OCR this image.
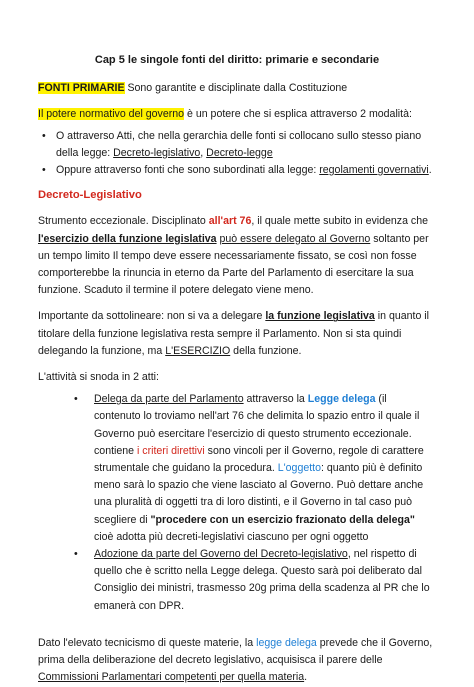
Cap 5 le singole fonti del diritto: primarie e secondarie

FONTI PRIMARIE Sono garantite e disciplinate dalla Costituzione

Il potere normativo del governo è un potere che si esplica attraverso 2 modalità:

• O attraverso Atti, che nella gerarchia delle fonti si collocano sullo stesso piano della legge: Decreto-legislativo, Decreto-legge
• Oppure attraverso fonti che sono subordinati alla legge: regolamenti governativi.

Decreto-Legislativo

Strumento eccezionale. Disciplinato all'art 76, il quale mette subito in evidenza che l'esercizio della funzione legislativa può essere delegato al Governo soltanto per un tempo limito Il tempo deve essere necessariamente fissato, se così non fosse comporterebbe la rinuncia in eterno da Parte del Parlamento di esercitare la sua funzione. Scaduto il termine il potere delegato viene meno.

Importante da sottolineare: non si va a delegare la funzione legislativa in quanto il titolare della funzione legislativa resta sempre il Parlamento. Non si sta quindi delegando la funzione, ma L'ESERCIZIO della funzione.

L'attività si snoda in 2 atti:

• Delega da parte del Parlamento attraverso la Legge delega (il contenuto lo troviamo nell'art 76 che delimita lo spazio entro il quale il Governo può esercitare l'esercizio di questo strumento eccezionale. contiene i criteri direttivi sono vincoli per il Governo, regole di carattere strumentale che guidano la procedura. L'oggetto: quanto più è definito meno sarà lo spazio che viene lasciato al Governo. Può dettare anche una pluralità di oggetti tra di loro distinti, e il Governo in tal caso può scegliere di "procedere con un esercizio frazionato della delega" cioè adotta più decreti-legislativi ciascuno per ogni oggetto
• Adozione da parte del Governo del Decreto-legislativo, nel rispetto di quello che è scritto nella Legge delega. Questo sarà poi deliberato dal Consiglio dei ministri, trasmesso 20g prima della scadenza al PR che lo emanerà con DPR.

Dato l'elevato tecnicismo di queste materie, la legge delega prevede che il Governo, prima della deliberazione del decreto legislativo, acquisisca il parere delle Commissioni Parlamentari competenti per quella materia.
